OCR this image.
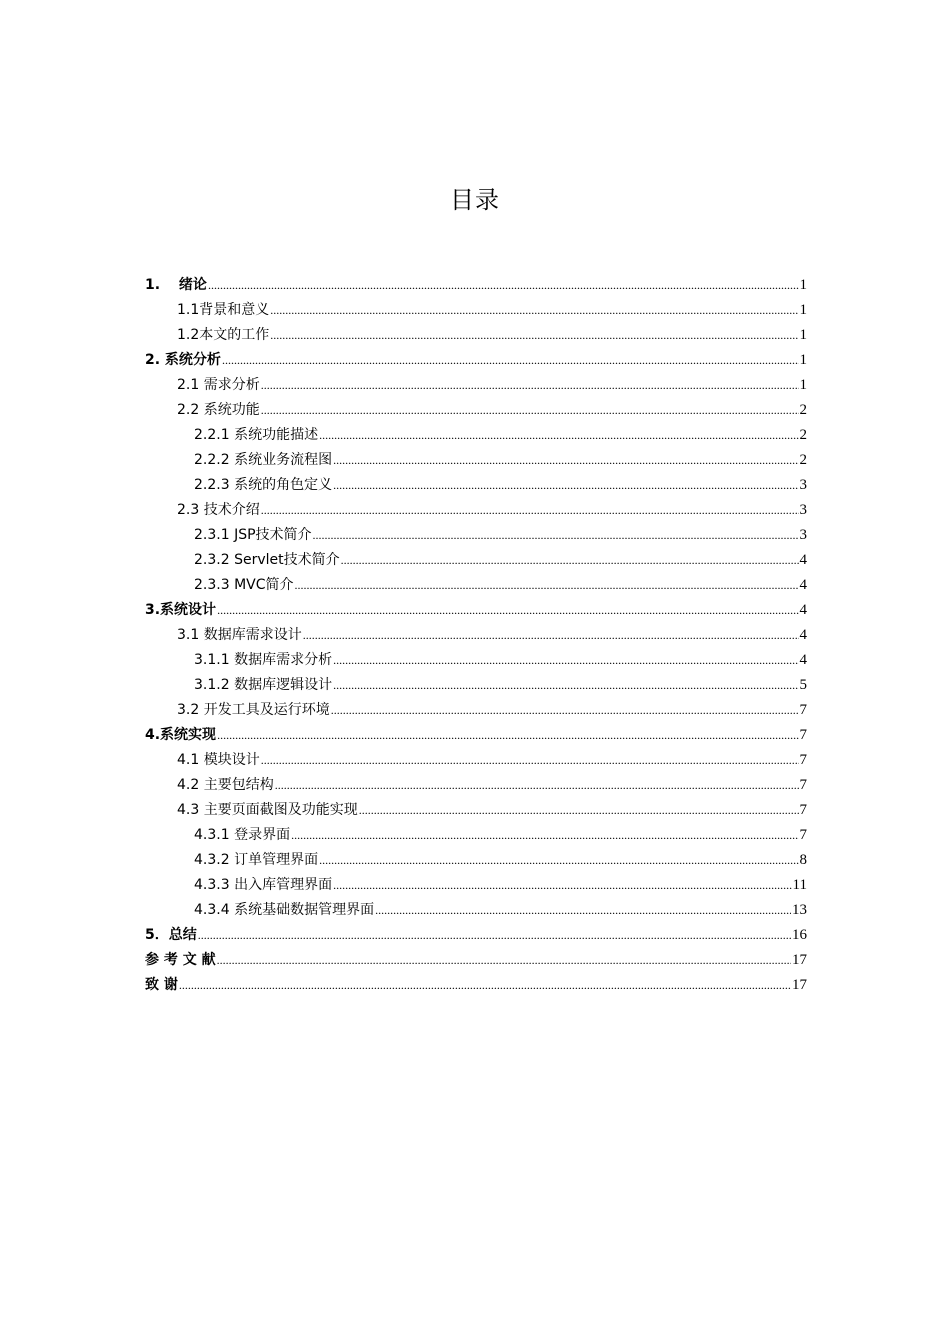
目录
1.　 绪论 .....	1
1.1背景和意义 .....	1
1.2本文的工作 .....	1
2. 系统分析 .....	1
2.1 需求分析 .....	1
2.2 系统功能 .....	2
2.2.1 系统功能描述 .....	2
2.2.2 系统业务流程图 .....	2
2.2.3 系统的角色定义 .....	3
2.3 技术介绍 .....	3
2.3.1 JSP技术简介 .....	3
2.3.2 Servlet技术简介 .....	4
2.3.3 MVC简介 .....	4
3.系统设计 .....	4
3.1 数据库需求设计 .....	4
3.1.1 数据库需求分析 .....	4
3.1.2 数据库逻辑设计 .....	5
3.2 开发工具及运行环境 .....	7
4.系统实现 .....	7
4.1 模块设计 .....	7
4.2 主要包结构 .....	7
4.3 主要页面截图及功能实现 .....	7
4.3.1 登录界面 .....	7
4.3.2 订单管理界面 .....	8
4.3.3 出入库管理界面 .....	11
4.3.4 系统基础数据管理界面 .....	13
5．总结 .....	16
参 考 文 献 .....	17
致 谢 .....	17
